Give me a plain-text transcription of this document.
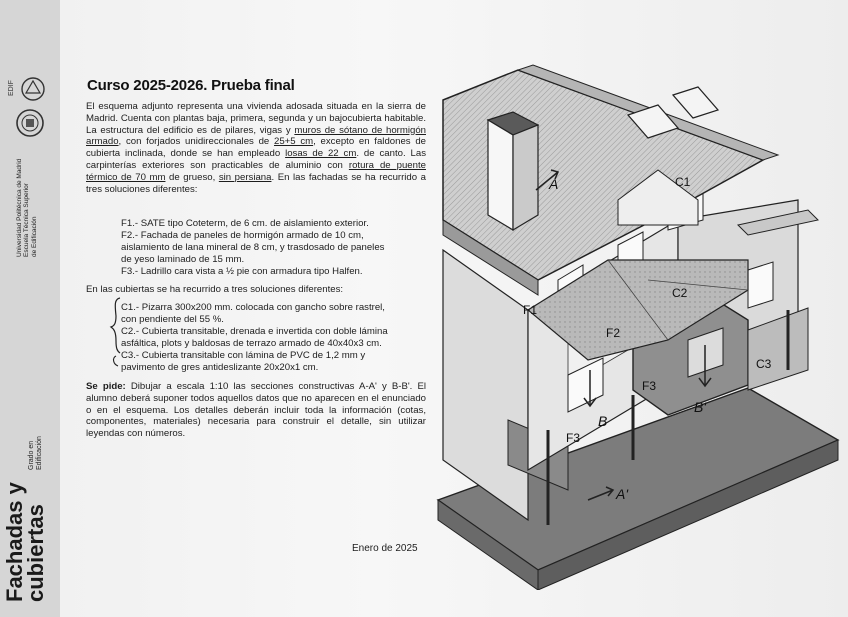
EDIF
Universidad Politécnica de Madrid Escuela Técnica Superior de Edificación
Grado en Edificación
Fachadas y
cubiertas
Curso 2025-2026. Prueba final
El esquema adjunto representa una vivienda adosada situada en la sierra de Madrid. Cuenta con plantas baja, primera, segunda y un bajocubierta habitable. La estructura del edificio es de pilares, vigas y muros de sótano de hormigón armado, con forjados unidireccionales de 25+5 cm, excepto en faldones de cubierta inclinada, donde se han empleado losas de 22 cm. de canto. Las carpinterías exteriores son practicables de aluminio con rotura de puente térmico de 70 mm de grueso, sin persiana. En las fachadas se ha recurrido a tres soluciones diferentes:
F1.- SATE tipo Coteterm, de 6 cm. de aislamiento exterior.
F2.- Fachada de paneles de hormigón armado de 10 cm,
aislamiento de lana mineral de 8 cm, y trasdosado de paneles
de yeso laminado de 15 mm.
F3.- Ladrillo cara vista a ½ pie con armadura tipo Halfen.
En las cubiertas se ha recurrido a tres soluciones diferentes:
C1.- Pizarra 300x200 mm. colocada con gancho sobre rastrel,
con pendiente del 55 %.
C2.- Cubierta transitable, drenada e invertida con doble lámina
asfáltica, plots y baldosas de terrazo armado de 40x40x3 cm.
C3.- Cubierta transitable con lámina de PVC de 1,2 mm y
pavimento de gres antideslizante 20x20x1 cm.
Se pide: Dibujar a escala 1:10 las secciones constructivas A-A' y B-B'. El alumno deberá suponer todos aquellos datos que no aparecen en el enunciado o en el esquema. Los detalles deberán incluir toda la información (cotas, componentes, materiales) necesaria para construir el detalle, sin utilizar leyendas con números.
Enero de 2025
C1
C2
C3
F1
F2
F3
F3
A
A'
B
B'
